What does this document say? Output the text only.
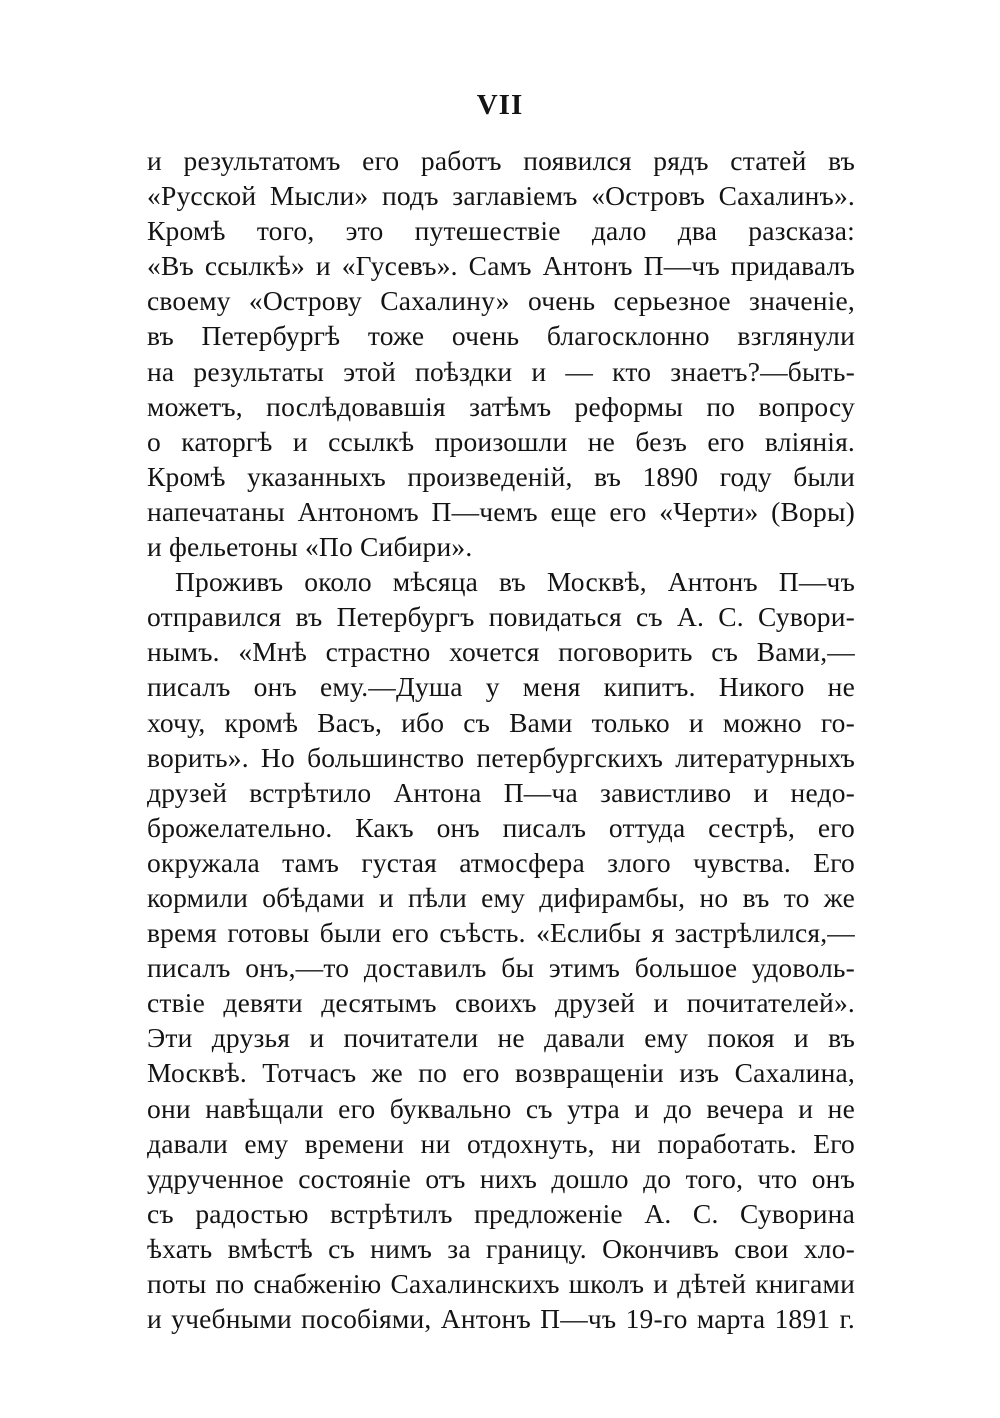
VII
и результатомъ его работъ появился рядъ статей въ
«Русской Мысли» подъ заглавіемъ «Островъ Сахалинъ».
Кромѣ того, это путешествіе дало два разсказа:
«Въ ссылкѣ» и «Гусевъ». Самъ Антонъ П—чъ придавалъ
своему «Острову Сахалину» очень серьезное значеніе,
въ Петербургѣ тоже очень благосклонно взглянули
на результаты этой поѣздки и — кто знаетъ?—быть-
можетъ, послѣдовавшія затѣмъ реформы по вопросу
о каторгѣ и ссылкѣ произошли не безъ его вліянія.
Кромѣ указанныхъ произведеній, въ 1890 году были
напечатаны Антономъ П—чемъ еще его «Черти» (Воры)
и фельетоны «По Сибири».
Проживъ около мѣсяца въ Москвѣ, Антонъ П—чъ
отправился въ Петербургъ повидаться съ А. С. Сувори-
нымъ. «Мнѣ страстно хочется поговорить съ Вами,—
писалъ онъ ему.—Душа у меня кипитъ. Никого не
хочу, кромѣ Васъ, ибо съ Вами только и можно го-
ворить». Но большинство петербургскихъ литературныхъ
друзей встрѣтило Антона П—ча завистливо и недо-
брожелательно. Какъ онъ писалъ оттуда сестрѣ, его
окружала тамъ густая атмосфера злого чувства. Его
кормили обѣдами и пѣли ему дифирамбы, но въ то же
время готовы были его съѣсть. «Еслибы я застрѣлился,—
писалъ онъ,—то доставилъ бы этимъ большое удоволь-
ствіе девяти десятымъ своихъ друзей и почитателей».
Эти друзья и почитатели не давали ему покоя и въ
Москвѣ. Тотчасъ же по его возвращеніи изъ Сахалина,
они навѣщали его буквально съ утра и до вечера и не
давали ему времени ни отдохнуть, ни поработать. Его
удрученное состояніе отъ нихъ дошло до того, что онъ
съ радостью встрѣтилъ предложеніе А. С. Суворина
ѣхать вмѣстѣ съ нимъ за границу. Окончивъ свои хло-
поты по снабженію Сахалинскихъ школъ и дѣтей книгами
и учебными пособіями, Антонъ П—чъ 19-го марта 1891 г.
